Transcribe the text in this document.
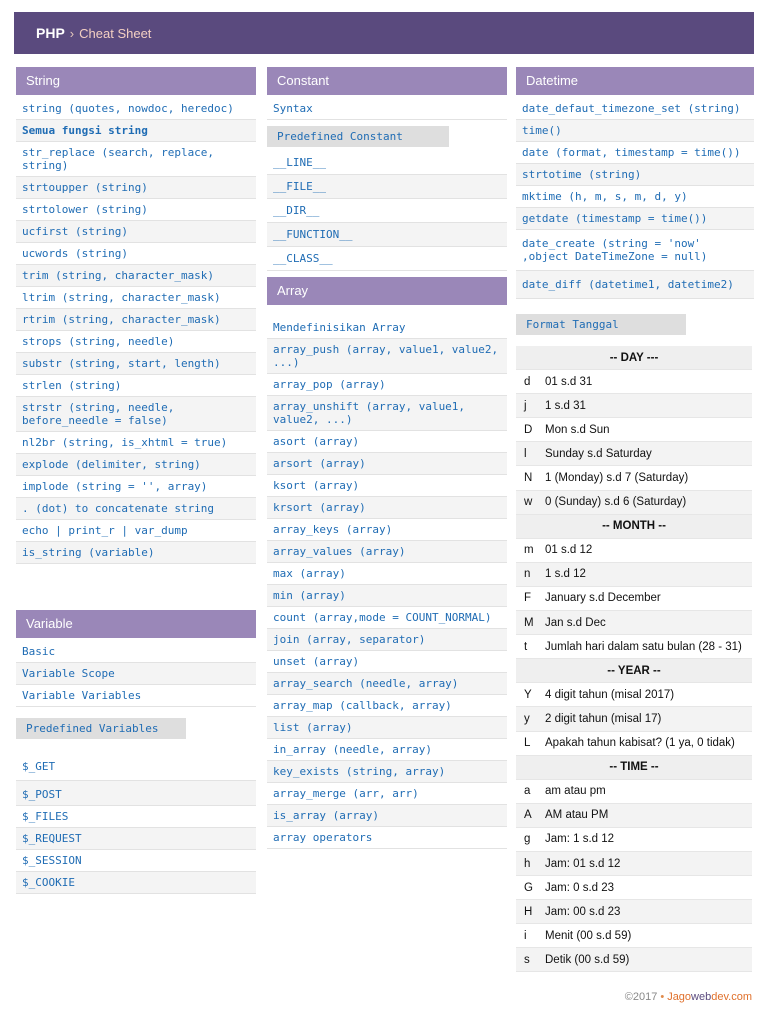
PHP › Cheat Sheet
String
string (quotes, nowdoc, heredoc)
Semua fungsi string
str_replace (search, replace, string)
strtoupper (string)
strtolower (string)
ucfirst (string)
ucwords (string)
trim (string, character_mask)
ltrim (string, character_mask)
rtrim (string, character_mask)
strops (string, needle)
substr (string, start, length)
strlen (string)
strstr (string, needle, before_needle = false)
nl2br (string, is_xhtml = true)
explode (delimiter, string)
implode (string = '', array)
. (dot) to concatenate string
echo | print_r | var_dump
is_string (variable)
Variable
Basic
Variable Scope
Variable Variables
Predefined Variables
$_GET
$_POST
$_FILES
$_REQUEST
$_SESSION
$_COOKIE
Constant
Syntax
Predefined Constant
__LINE__
__FILE__
__DIR__
__FUNCTION__
__CLASS__
Array
Mendefinisikan Array
array_push (array, value1, value2, ...)
array_pop (array)
array_unshift (array, value1, value2, ...)
asort (array)
arsort (array)
ksort (array)
krsort (array)
array_keys (array)
array_values (array)
max (array)
min (array)
count (array,mode = COUNT_NORMAL)
join (array, separator)
unset (array)
array_search (needle, array)
array_map (callback, array)
list (array)
in_array (needle, array)
key_exists (string, array)
array_merge (arr, arr)
is_array (array)
array operators
Datetime
date_defaut_timezone_set (string)
time()
date (format, timestamp = time())
strtotime (string)
mktime (h, m, s, m, d, y)
getdate (timestamp = time())
date_create (string = 'now' ,object DateTimeZone = null)
date_diff (datetime1, datetime2)
Format Tanggal
-- DAY ---
d	01 s.d 31
j	1 s.d 31
D	Mon s.d Sun
l	Sunday s.d Saturday
N	1 (Monday) s.d 7 (Saturday)
w	0 (Sunday) s.d 6 (Saturday)
-- MONTH --
m 01 s.d 12
n	1 s.d 12
F	January s.d December
M Jan s.d Dec
t	Jumlah hari dalam satu bulan (28 - 31)
-- YEAR --
Y	4 digit tahun (misal 2017)
y	2 digit tahun (misal 17)
L	Apakah tahun kabisat? (1 ya, 0 tidak)
-- TIME --
a	am atau pm
A	AM atau PM
g	Jam: 1 s.d 12
h	Jam: 01 s.d 12
G	Jam: 0 s.d 23
H	Jam: 00 s.d 23
i	Menit (00 s.d 59)
s	Detik (00 s.d 59)
©2017 • Jagowebdev.com
